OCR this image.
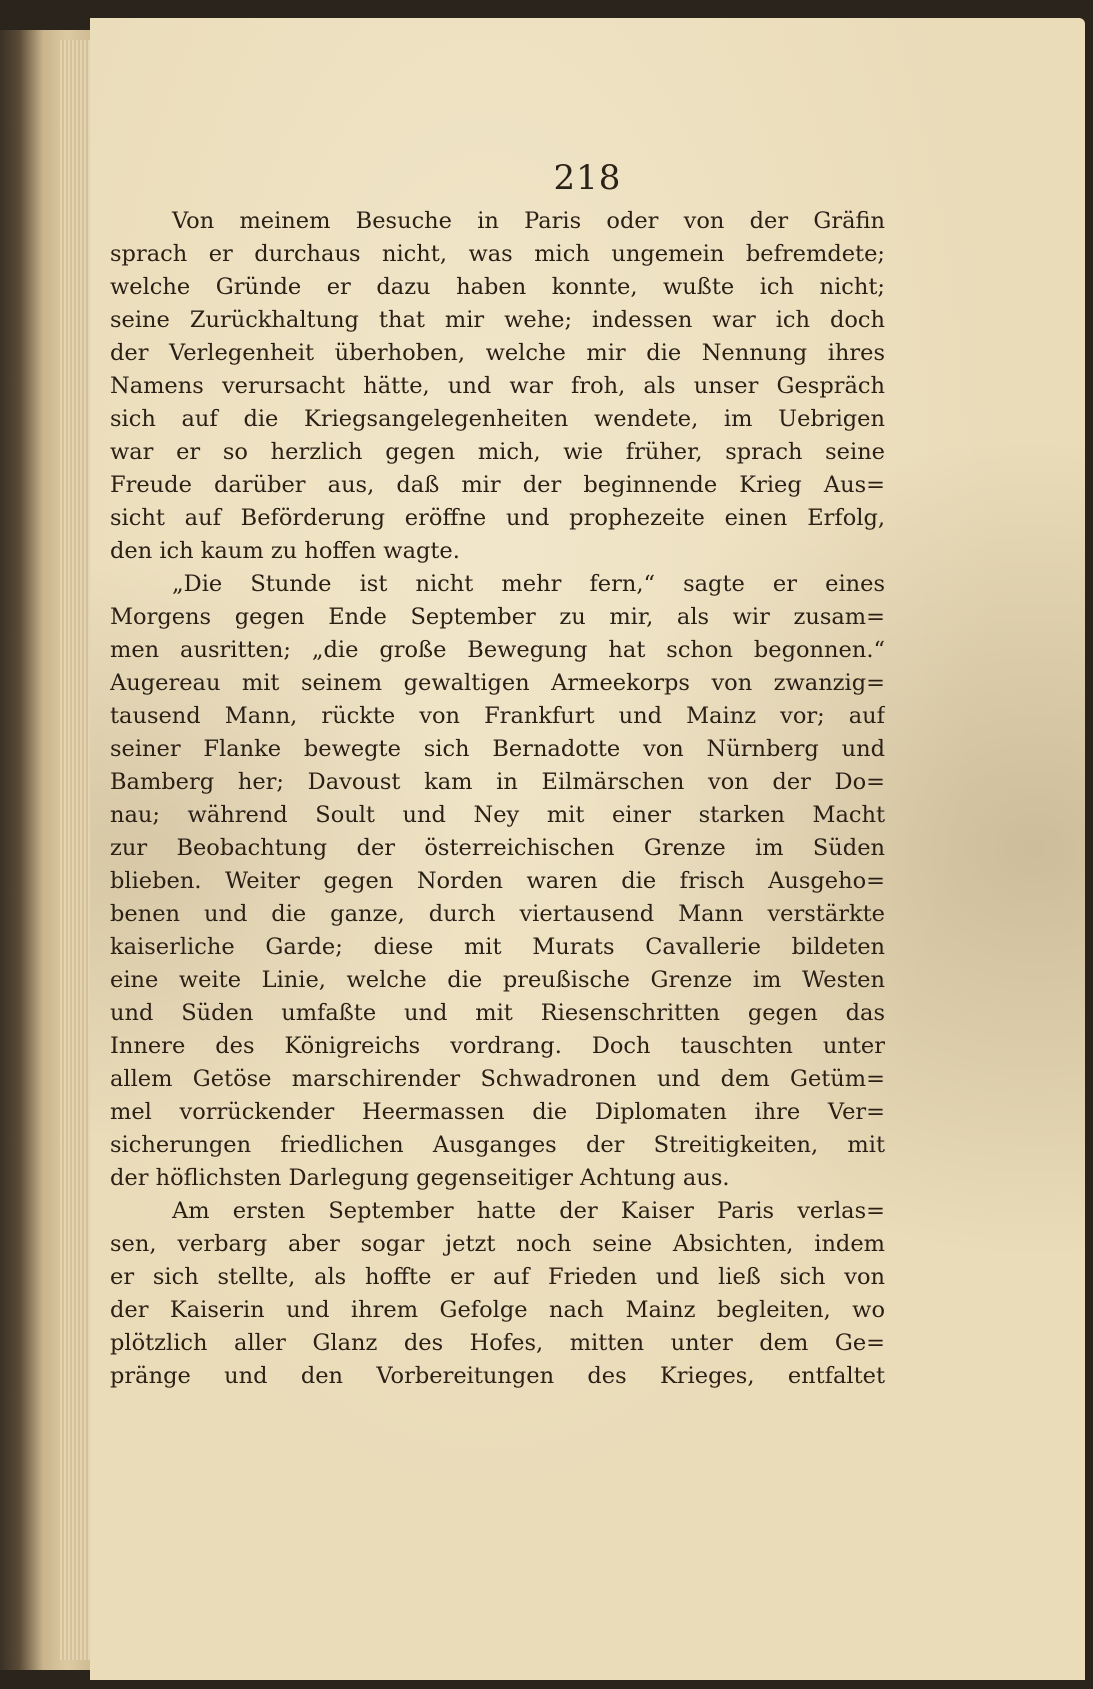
218
Von meinem Besuche in Paris oder von der Gräfin
sprach er durchaus nicht, was mich ungemein befremdete;
welche Gründe er dazu haben konnte, wußte ich nicht;
seine Zurückhaltung that mir wehe; indessen war ich doch
der Verlegenheit überhoben, welche mir die Nennung ihres
Namens verursacht hätte, und war froh, als unser Gespräch
sich auf die Kriegsangelegenheiten wendete, im Uebrigen
war er so herzlich gegen mich, wie früher, sprach seine
Freude darüber aus, daß mir der beginnende Krieg Aus=
sicht auf Beförderung eröffne und prophezeite einen Erfolg,
den ich kaum zu hoffen wagte.
„Die Stunde ist nicht mehr fern,“ sagte er eines
Morgens gegen Ende September zu mir, als wir zusam=
men ausritten; „die große Bewegung hat schon begonnen.“
Augereau mit seinem gewaltigen Armeekorps von zwanzig=
tausend Mann, rückte von Frankfurt und Mainz vor; auf
seiner Flanke bewegte sich Bernadotte von Nürnberg und
Bamberg her; Davoust kam in Eilmärschen von der Do=
nau; während Soult und Ney mit einer starken Macht
zur Beobachtung der österreichischen Grenze im Süden
blieben. Weiter gegen Norden waren die frisch Ausgeho=
benen und die ganze, durch viertausend Mann verstärkte
kaiserliche Garde; diese mit Murats Cavallerie bildeten
eine weite Linie, welche die preußische Grenze im Westen
und Süden umfaßte und mit Riesenschritten gegen das
Innere des Königreichs vordrang. Doch tauschten unter
allem Getöse marschirender Schwadronen und dem Getüm=
mel vorrückender Heermassen die Diplomaten ihre Ver=
sicherungen friedlichen Ausganges der Streitigkeiten, mit
der höflichsten Darlegung gegenseitiger Achtung aus.
Am ersten September hatte der Kaiser Paris verlas=
sen, verbarg aber sogar jetzt noch seine Absichten, indem
er sich stellte, als hoffte er auf Frieden und ließ sich von
der Kaiserin und ihrem Gefolge nach Mainz begleiten, wo
plötzlich aller Glanz des Hofes, mitten unter dem Ge=
pränge und den Vorbereitungen des Krieges, entfaltet
